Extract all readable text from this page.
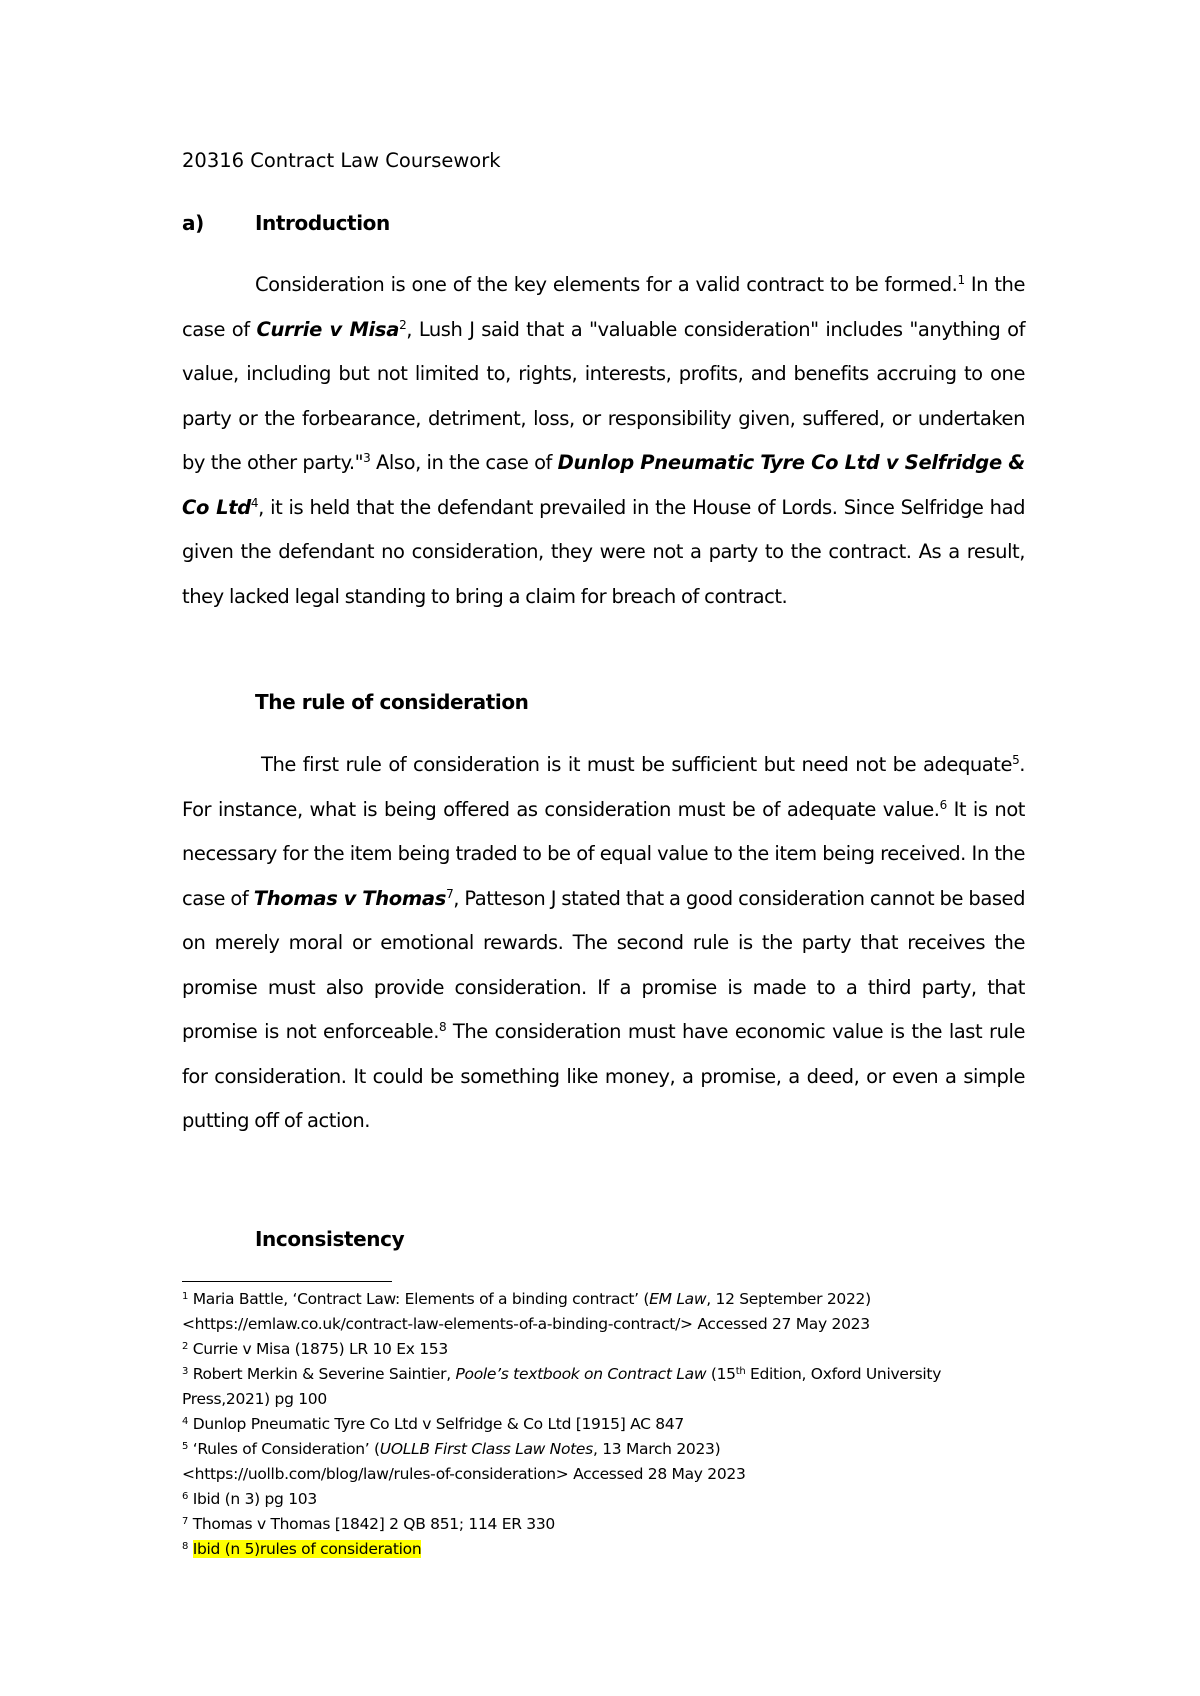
20316 Contract Law Coursework
a)	Introduction
Consideration is one of the key elements for a valid contract to be formed.$^1$ In the case of Currie v Misa$^2$, Lush J said that a "valuable consideration" includes "anything of value, including but not limited to, rights, interests, profits, and benefits accruing to one party or the forbearance, detriment, loss, or responsibility given, suffered, or undertaken by the other party."$^3$ Also, in the case of Dunlop Pneumatic Tyre Co Ltd v Selfridge & Co Ltd$^4$, it is held that the defendant prevailed in the House of Lords. Since Selfridge had given the defendant no consideration, they were not a party to the contract. As a result, they lacked legal standing to bring a claim for breach of contract.
The rule of consideration
The first rule of consideration is it must be sufficient but need not be adequate$^5$. For instance, what is being offered as consideration must be of adequate value.$^6$ It is not necessary for the item being traded to be of equal value to the item being received. In the case of Thomas v Thomas$^7$, Patteson J stated that a good consideration cannot be based on merely moral or emotional rewards. The second rule is the party that receives the promise must also provide consideration. If a promise is made to a third party, that promise is not enforceable.$^8$ The consideration must have economic value is the last rule for consideration. It could be something like money, a promise, a deed, or even a simple putting off of action.
Inconsistency
$^1$ Maria Battle, ‘Contract Law: Elements of a binding contract’ (EM Law, 12 September 2022)
<https://emlaw.co.uk/contract-law-elements-of-a-binding-contract/> Accessed 27 May 2023
$^2$ Currie v Misa (1875) LR 10 Ex 153
$^3$ Robert Merkin & Severine Saintier, Poole’s textbook on Contract Law (15th Edition, Oxford University
Press,2021) pg 100
$^4$ Dunlop Pneumatic Tyre Co Ltd v Selfridge & Co Ltd [1915] AC 847
$^5$ ‘Rules of Consideration’ (UOLLB First Class Law Notes, 13 March 2023)
<https://uollb.com/blog/law/rules-of-consideration> Accessed 28 May 2023
$^6$ Ibid (n 3) pg 103
$^7$ Thomas v Thomas [1842] 2 QB 851; 114 ER 330
$^8$ Ibid (n 5)rules of consideration
